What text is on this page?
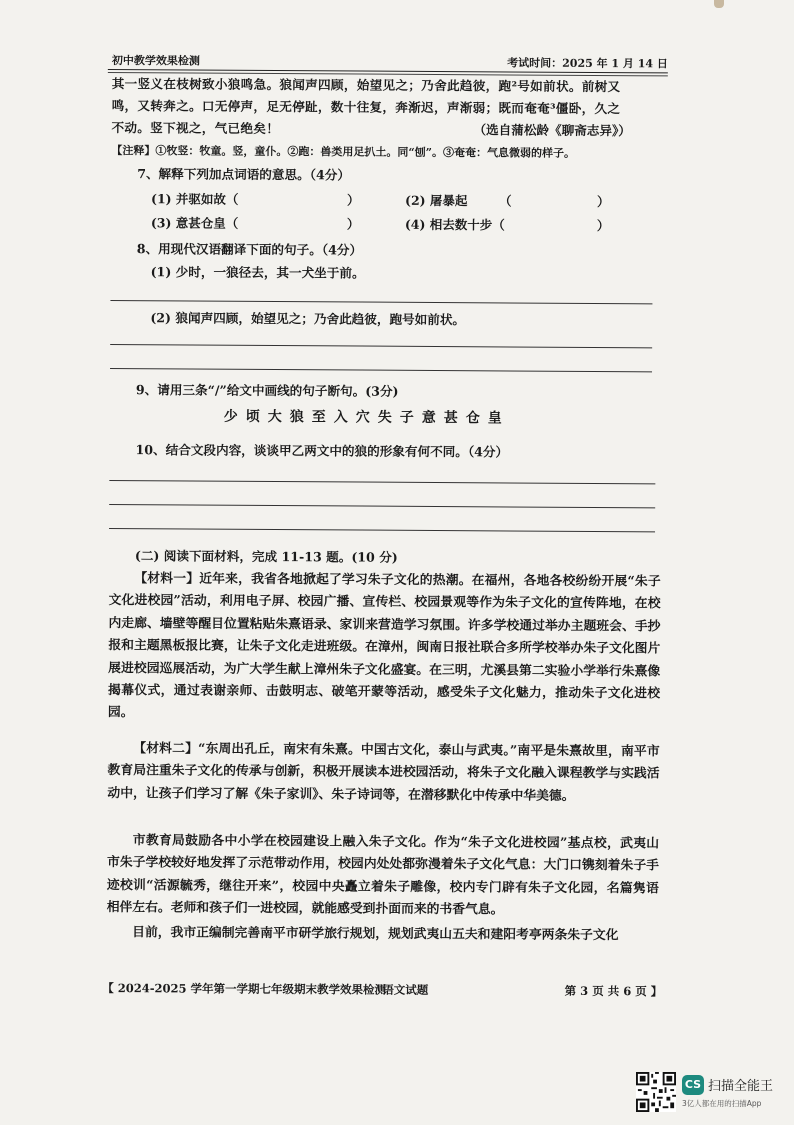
初中教学效果检测	考试时间：2025 年 1 月 14 日
其一竖义在枝树致小狼鸣急。狼闻声四顾，始望见之；乃舍此趋彼，跑²号如前状。前树又
鸣，又转奔之。口无停声，足无停趾，数十往复，奔渐迟，声渐弱；既而奄奄³僵卧，久之
不动。竖下视之，气已绝矣！	（选自蒲松龄《聊斋志异》）
【注释】①牧竖：牧童。竖，童仆。②跑：兽类用足扒土。同“刨”。③奄奄：气息微弱的样子。
7、解释下列加点词语的意思。（4分）
(1) 并驱如故（	）	(2) 屠暴起	（	）
(3) 意甚仓皇（	）	(4) 相去数十步（	）
8、用现代汉语翻译下面的句子。（4分）
(1) 少时，一狼径去，其一犬坐于前。
(2) 狼闻声四顾，始望见之；乃舍此趋彼，跑号如前状。
9、请用三条“/”给文中画线的句子断句。(3分)
少顷大狼至入穴失子意甚仓皇
10、结合文段内容，谈谈甲乙两文中的狼的形象有何不同。（4分）
(二) 阅读下面材料，完成 11-13 题。(10 分)
【材料一】近年来，我省各地掀起了学习朱子文化的热潮。在福州，各地各校纷纷开展“朱子文化进校园”活动，利用电子屏、校园广播、宣传栏、校园景观等作为朱子文化的宣传阵地，在校内走廊、墙壁等醒目位置粘贴朱熹语录、家训来营造学习氛围。许多学校通过举办主题班会、手抄报和主题黑板报比赛，让朱子文化走进班级。在漳州，闽南日报社联合多所学校举办朱子文化图片展进校园巡展活动，为广大学生献上漳州朱子文化盛宴。在三明，尤溪县第二实验小学举行朱熹像揭幕仪式，通过表谢亲师、击鼓明志、破笔开蒙等活动，感受朱子文化魅力，推动朱子文化进校园。
【材料二】“东周出孔丘，南宋有朱熹。中国古文化，泰山与武夷。”南平是朱熹故里，南平市教育局注重朱子文化的传承与创新，积极开展读本进校园活动，将朱子文化融入课程教学与实践活动中，让孩子们学习了解《朱子家训》、朱子诗词等，在潜移默化中传承中华美德。
市教育局鼓励各中小学在校园建设上融入朱子文化。作为“朱子文化进校园”基点校，武夷山市朱子学校较好地发挥了示范带动作用，校园内处处都弥漫着朱子文化气息：大门口镌刻着朱子手迹校训“活源毓秀，继往开来”，校园中央矗立着朱子雕像，校内专门辟有朱子文化园，名篇隽语相伴左右。老师和孩子们一进校园，就能感受到扑面而来的书香气息。
目前，我市正编制完善南平市研学旅行规划，规划武夷山五夫和建阳考亭两条朱子文化
【 2024-2025 学年第一学期七年级期末教学效果检测
语文试题	第 3 页 共 6 页 】
CS 扫描全能王
3亿人都在用的扫描App
